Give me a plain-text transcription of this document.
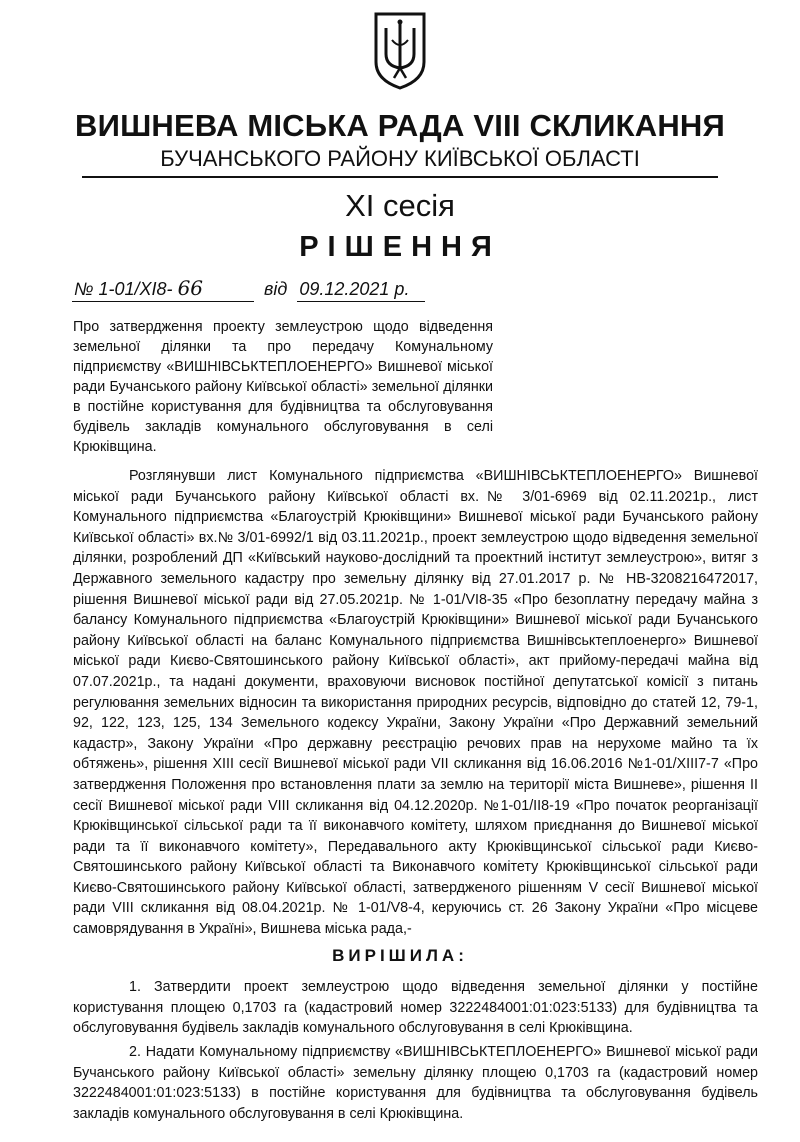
ВИШНЕВА МІСЬКА РАДА VIII СКЛИКАННЯ

БУЧАНСЬКОГО РАЙОНУ КИЇВСЬКОЇ ОБЛАСТІ

XI сесія

РІШЕННЯ
№ 1-01/XI8- 66	від 09.12.2021 р.

Про затвердження проекту землеустрою щодо відведення земельної ділянки та про передачу Комунальному підприємству «ВИШНІВСЬКТЕПЛОЕНЕРГО» Вишневої міської ради Бучанського району Київської області» земельної ділянки в постійне користування для будівництва та обслуговування будівель закладів комунального обслуговування в селі Крюківщина.

Розглянувши лист Комунального підприємства «ВИШНІВСЬКТЕПЛОЕНЕРГО» Вишневої міської ради Бучанського району Київської області вх.№ 3/01-6969 від 02.11.2021р., лист Комунального підприємства «Благоустрій Крюківщини» Вишневої міської ради Бучанського району Київської області» вх.№ 3/01-6992/1 від 03.11.2021р., проект землеустрою щодо відведення земельної ділянки, розроблений ДП «Київський науково-дослідний та проектний інститут землеустрою», витяг з Державного земельного кадастру про земельну ділянку від 27.01.2017 р. № НВ-3208216472017, рішення Вишневої міської ради від 27.05.2021р. № 1-01/VІ8-35 «Про безоплатну передачу майна з балансу Комунального підприємства «Благоустрій Крюківщини» Вишневої міської ради Бучанського району Київської області на баланс Комунального підприємства Вишнівськтеплоенерго» Вишневої міської ради Києво-Святошинського району Київської області», акт прийому-передачі майна від 07.07.2021р., та надані документи, враховуючи висновок постійної депутатської комісії з питань регулювання земельних відносин та використання природних ресурсів, відповідно до статей 12, 79-1, 92, 122, 123, 125, 134 Земельного кодексу України, Закону України «Про Державний земельний кадастр», Закону України «Про державну реєстрацію речових прав на нерухоме майно та їх обтяжень», рішення XIII сесії Вишневої міської ради VII скликання від 16.06.2016 №1-01/XIII7-7 «Про затвердження Положення про встановлення плати за землю на території міста Вишневе», рішення II сесії Вишневої міської ради VIII скликання від 04.12.2020р. №1-01/II8-19 «Про початок реорганізації Крюківщинської сільської ради та її виконавчого комітету, шляхом приєднання до Вишневої міської ради та її виконавчого комітету», Передавального акту Крюківщинської сільської ради Києво-Святошинського району Київської області та Виконавчого комітету Крюківщинської сільської ради Києво-Святошинського району Київської області, затвердженого рішенням V сесії Вишневої міської ради VIII скликання від 08.04.2021р. № 1-01/V8-4, керуючись ст. 26 Закону України «Про місцеве самоврядування в Україні», Вишнева міська рада,-

ВИРІШИЛА:

1. Затвердити проект землеустрою щодо відведення земельної ділянки у постійне користування площею 0,1703 га (кадастровий номер 3222484001:01:023:5133) для будівництва та обслуговування будівель закладів комунального обслуговування в селі Крюківщина.

2. Надати Комунальному підприємству «ВИШНІВСЬКТЕПЛОЕНЕРГО» Вишневої міської ради Бучанського району Київської області» земельну ділянку площею 0,1703 га (кадастровий номер 3222484001:01:023:5133) в постійне користування для будівництва та обслуговування будівель закладів комунального обслуговування в селі Крюківщина.
